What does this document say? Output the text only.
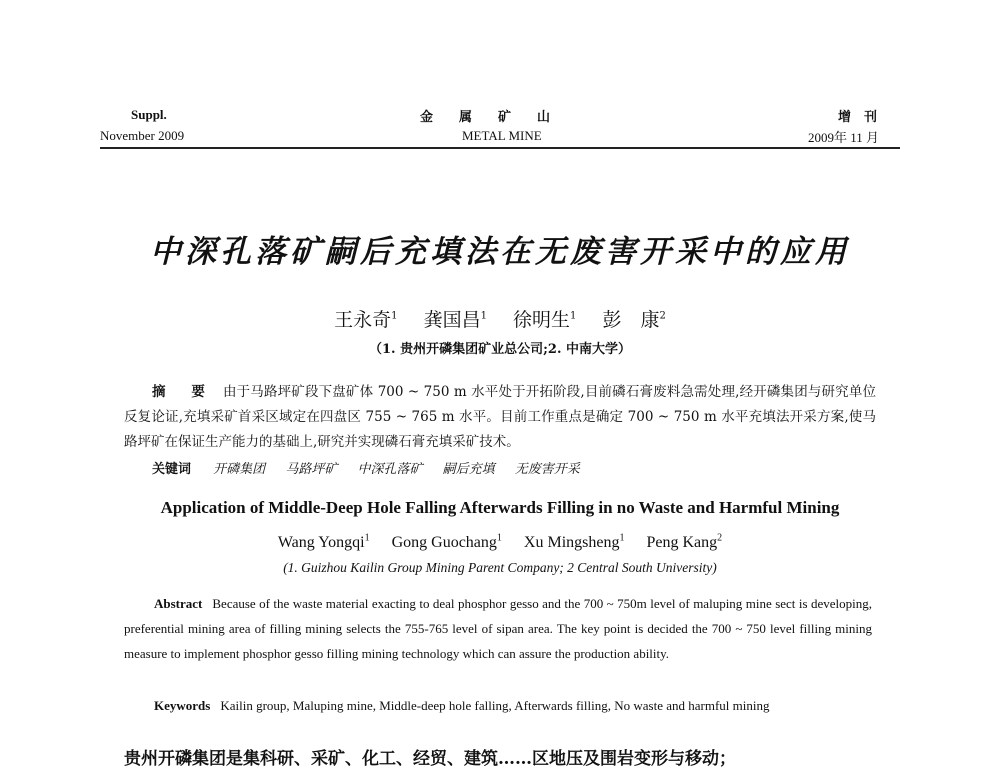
Suppl.
November 2009
金　　属　　矿　　山
METAL MINE
增　刊
2009年 11 月
中深孔落矿嗣后充填法在无废害开采中的应用
王永奇$^1$ 龚国昌$^1$ 徐明生$^1$ 彭　康$^2$
（1. 贵州开磷集团矿业总公司;2. 中南大学）
摘　要 由于马路坪矿段下盘矿体 700 ~ 750 m 水平处于开拓阶段,目前磷石膏废料急需处理,经开磷集团与研究单位反复论证,充填采矿首采区域定在四盘区 755 ~ 765 m 水平。目前工作重点是确定 700 ~ 750 m 水平充填法开采方案,使马路坪矿在保证生产能力的基础上,研究并实现磷石膏充填采矿技术。
关键词 开磷集团 马路坪矿 中深孔落矿 嗣后充填 无废害开采
Application of Middle-Deep Hole Falling Afterwards Filling in no Waste and Harmful Mining
Wang Yongqi$^1$ Gong Guochang$^1$ Xu Mingsheng$^1$ Peng Kang$^2$
(1. Guizhou Kailin Group Mining Parent Company; 2 Central South University)
Abstract Because of the waste material exacting to deal phosphor gesso and the 700 ~ 750m level of maluping mine sect is developing, preferential mining area of filling mining selects the 755-765 level of sipan area. The key point is decided the 700 ~ 750 level filling mining measure to implement phosphor gesso filling mining technology which can assure the production ability.
Keywords Kailin group, Maluping mine, Middle-deep hole falling, Afterwards filling, No waste and harmful mining
贵州开磷集团是集科研、采矿、化工、经贸、建筑……区地压及围岩变形与移动；
